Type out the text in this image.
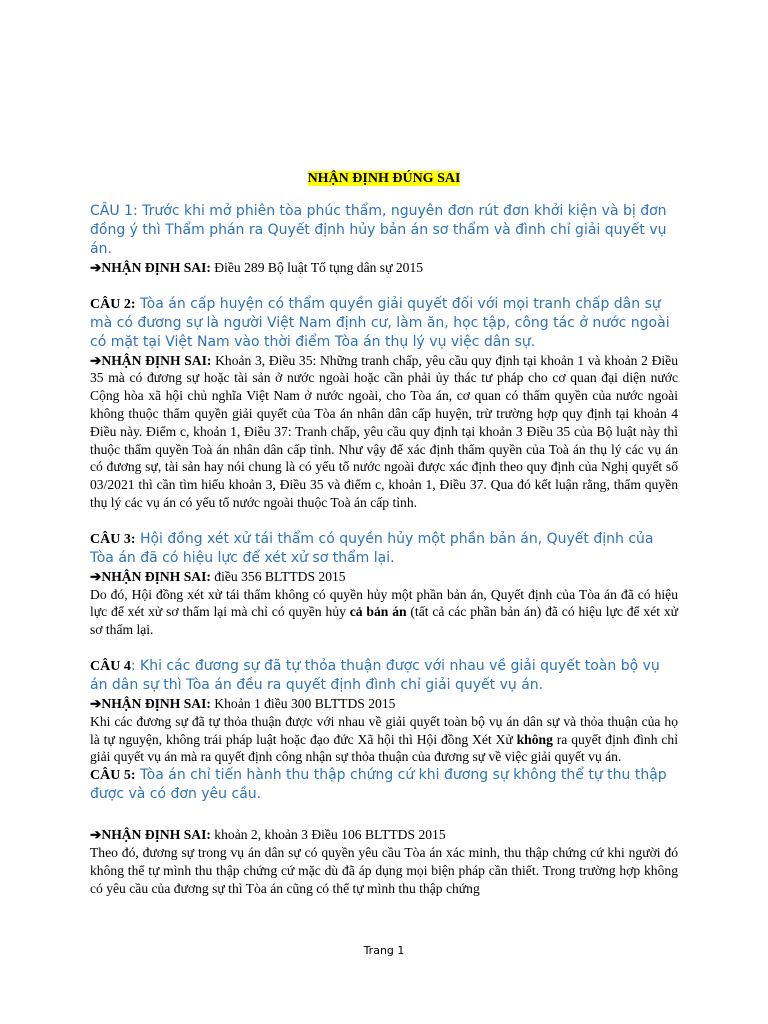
NHẬN ĐỊNH ĐÚNG SAI

CÂU 1: Trước khi mở phiên tòa phúc thẩm, nguyên đơn rút đơn khởi kiện và bị đơn đồng ý thì Thẩm phán ra Quyết định hủy bản án sơ thẩm và đình chỉ giải quyết vụ án.

➔NHẬN ĐỊNH SAI: Điều 289 Bộ luật Tố tụng dân sự 2015

CÂU 2: Tòa án cấp huyện có thẩm quyền giải quyết đối với mọi tranh chấp dân sự mà có đương sự là người Việt Nam định cư, làm ăn, học tập, công tác ở nước ngoài có mặt tại Việt Nam vào thời điểm Tòa án thụ lý vụ việc dân sự.

➔NHẬN ĐỊNH SAI: Khoản 3, Điều 35: Những tranh chấp, yêu cầu quy định tại khoản 1 và khoản 2 Điều 35 mà có đương sự hoặc tài sản ở nước ngoài hoặc cần phải ủy thác tư pháp cho cơ quan đại diện nước Cộng hòa xã hội chủ nghĩa Việt Nam ở nước ngoài, cho Tòa án, cơ quan có thẩm quyền của nước ngoài không thuộc thẩm quyền giải quyết của Tòa án nhân dân cấp huyện, trừ trường hợp quy định tại khoản 4 Điều này. Điểm c, khoản 1, Điều 37: Tranh chấp, yêu cầu quy định tại khoản 3 Điều 35 của Bộ luật này thì thuộc thẩm quyền Toà án nhân dân cấp tỉnh. Như vậy để xác định thẩm quyền của Toà án thụ lý các vụ án có đương sự, tài sản hay nói chung là có yếu tố nước ngoài được xác định theo quy định của Nghị quyết số 03/2021 thì cần tìm hiểu khoản 3, Điều 35 và điểm c, khoản 1, Điều 37. Qua đó kết luận rằng, thẩm quyền thụ lý các vụ án có yếu tố nước ngoài thuộc Toà án cấp tỉnh.

CÂU 3: Hội đồng xét xử tái thẩm có quyền hủy một phần bản án, Quyết định của Tòa án đã có hiệu lực để xét xử sơ thẩm lại.

➔NHẬN ĐỊNH SAI: điều 356 BLTTDS 2015

Do đó, Hội đồng xét xử tái thẩm không có quyền hủy một phần bản án, Quyết định của Tòa án đã có hiệu lực để xét xử sơ thẩm lại mà chỉ có quyền hủy cả bản án (tất cả các phần bản án) đã có hiệu lực để xét xử sơ thẩm lại.

CÂU 4: Khi các đương sự đã tự thỏa thuận được với nhau về giải quyết toàn bộ vụ án dân sự thì Tòa án đều ra quyết định đình chỉ giải quyết vụ án.

➔NHẬN ĐỊNH SAI: Khoản 1 điều 300 BLTTDS 2015

Khi các đương sự đã tự thỏa thuận được với nhau về giải quyết toàn bộ vụ án dân sự và thỏa thuận của họ là tự nguyện, không trái pháp luật hoặc đạo đức Xã hội thì Hội đồng Xét Xử không ra quyết định đình chỉ giải quyết vụ án mà ra quyết định công nhận sự thỏa thuận của đương sự về việc giải quyết vụ án.

CÂU 5: Tòa án chỉ tiến hành thu thập chứng cứ khi đương sự không thể tự thu thập được và có đơn yêu cầu.

➔NHẬN ĐỊNH SAI: khoản 2, khoản 3 Điều 106 BLTTDS 2015

Theo đó, đương sự trong vụ án dân sự có quyền yêu cầu Tòa án xác minh, thu thập chứng cứ khi người đó không thể tự mình thu thập chứng cứ mặc dù đã áp dụng mọi biện pháp cần thiết. Trong trường hợp không có yêu cầu của đương sự thì Tòa án cũng có thể tự mình thu thập chứng

Trang 1
